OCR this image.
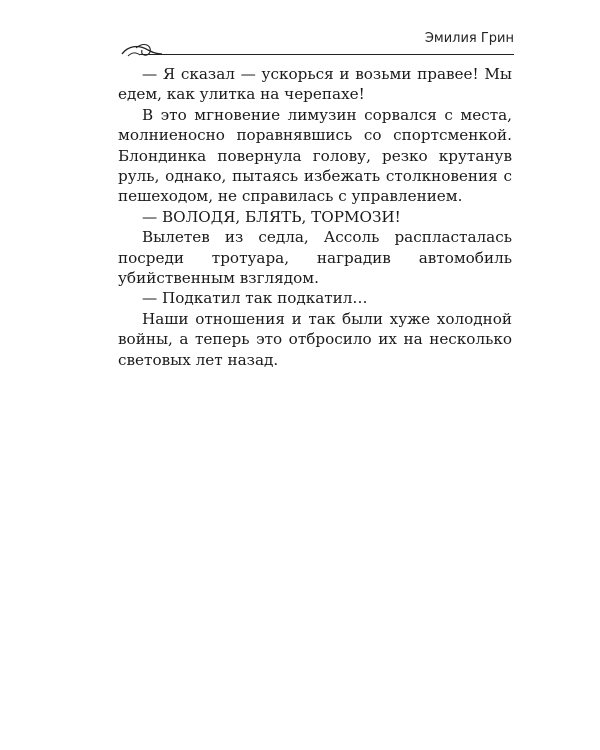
Эмилия Грин

— Я сказал — ускорься и возьми правее! Мы едем, как улитка на черепахе!

В это мгновение лимузин сорвался с места, молниеносно поравнявшись со спортсменкой. Блондинка повернула голову, резко крутанув руль, однако, пытаясь избежать столкновения с пешеходом, не справилась с управлением.

— ВОЛОДЯ, БЛЯТЬ, ТОРМОЗИ!

Вылетев из седла, Ассоль распласталась посреди тротуара, наградив автомобиль убийственным взглядом.

— Подкатил так подкатил…

Наши отношения и так были хуже холодной войны, а теперь это отбросило их на несколько световых лет назад.
